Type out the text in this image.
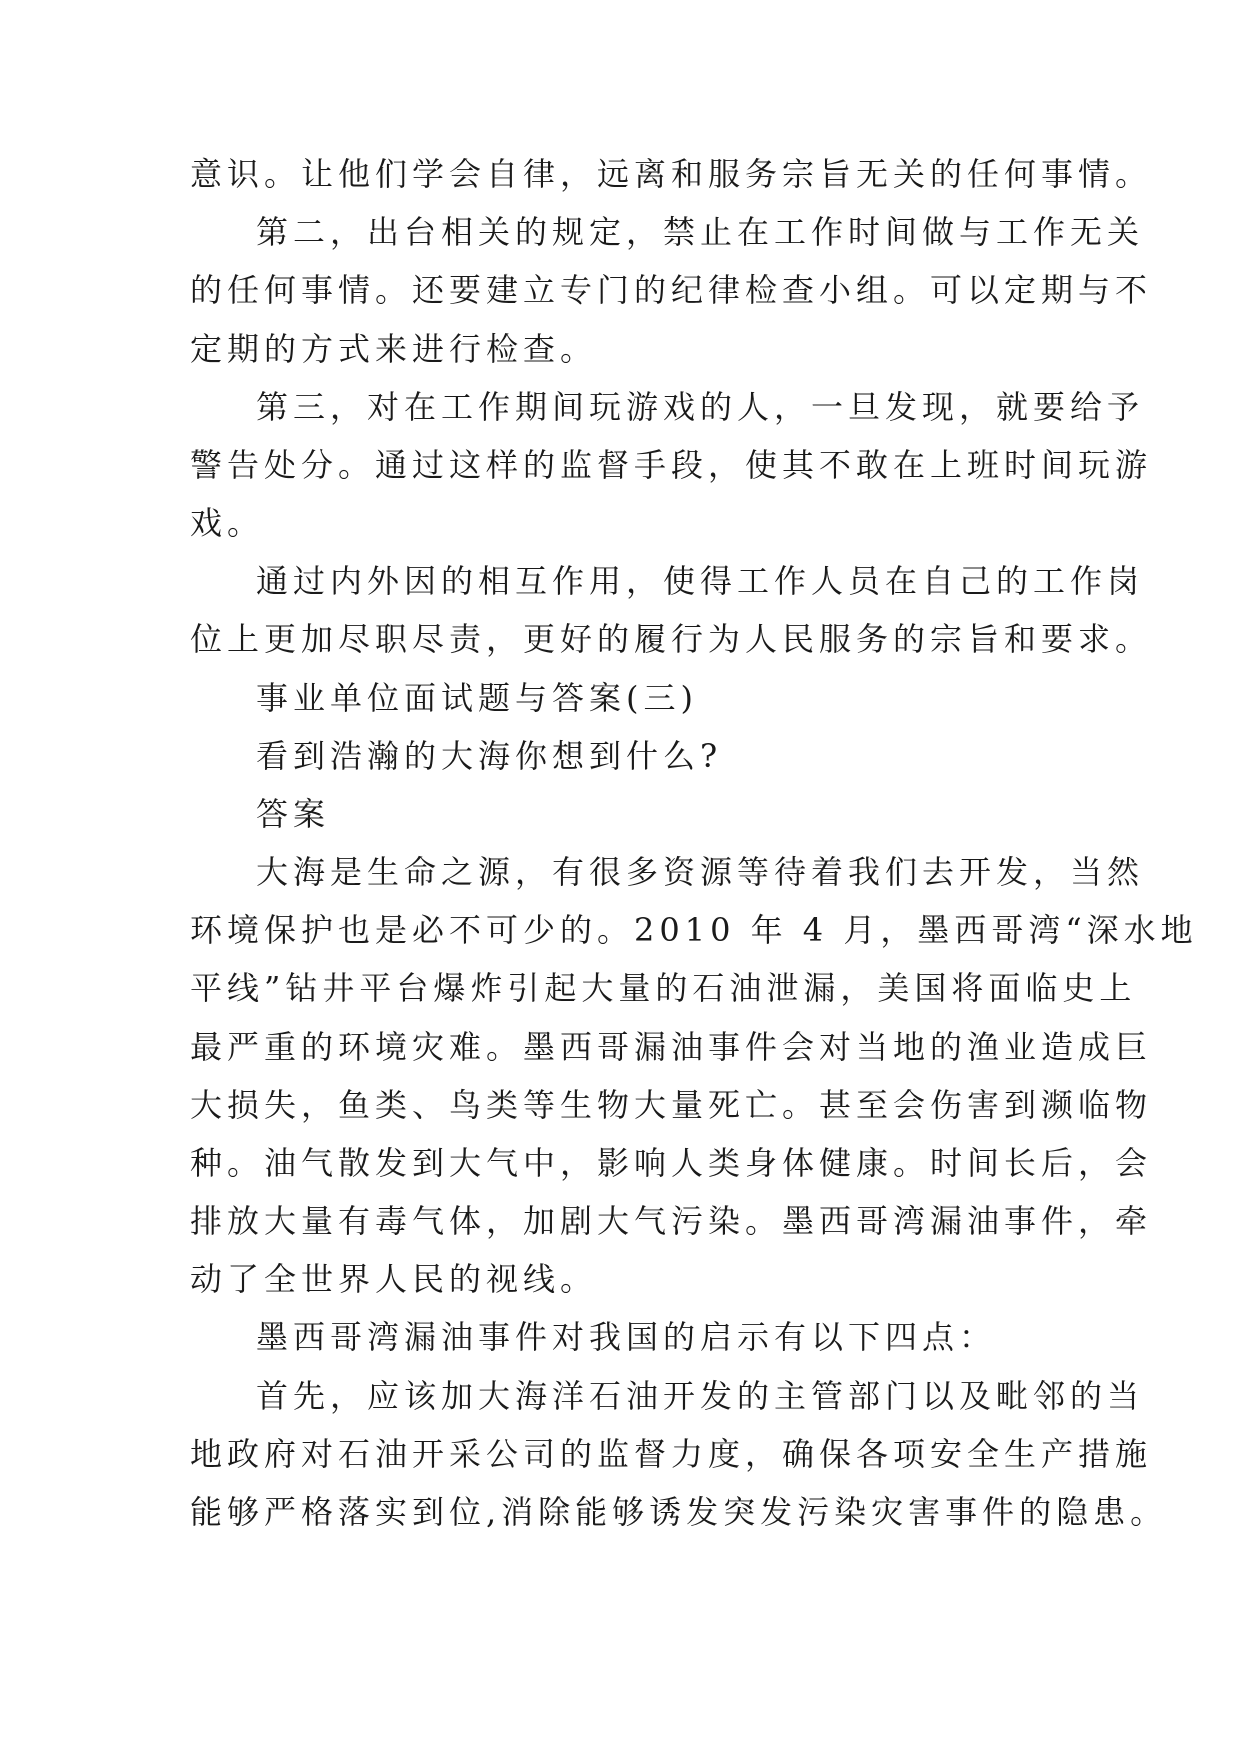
意识。让他们学会自律，远离和服务宗旨无关的任何事情。
第二，出台相关的规定，禁止在工作时间做与工作无关
的任何事情。还要建立专门的纪律检查小组。可以定期与不
定期的方式来进行检查。
第三，对在工作期间玩游戏的人，一旦发现，就要给予
警告处分。通过这样的监督手段，使其不敢在上班时间玩游
戏。
通过内外因的相互作用，使得工作人员在自己的工作岗
位上更加尽职尽责，更好的履行为人民服务的宗旨和要求。
事业单位面试题与答案(三)
看到浩瀚的大海你想到什么?
答案
大海是生命之源，有很多资源等待着我们去开发，当然
环境保护也是必不可少的。2010 年 4 月，墨西哥湾“深水地
平线”钻井平台爆炸引起大量的石油泄漏，美国将面临史上
最严重的环境灾难。墨西哥漏油事件会对当地的渔业造成巨
大损失，鱼类、鸟类等生物大量死亡。甚至会伤害到濒临物
种。油气散发到大气中，影响人类身体健康。时间长后，会
排放大量有毒气体，加剧大气污染。墨西哥湾漏油事件，牵
动了全世界人民的视线。
墨西哥湾漏油事件对我国的启示有以下四点：
首先，应该加大海洋石油开发的主管部门以及毗邻的当
地政府对石油开采公司的监督力度，确保各项安全生产措施
能够严格落实到位,消除能够诱发突发污染灾害事件的隐患。
